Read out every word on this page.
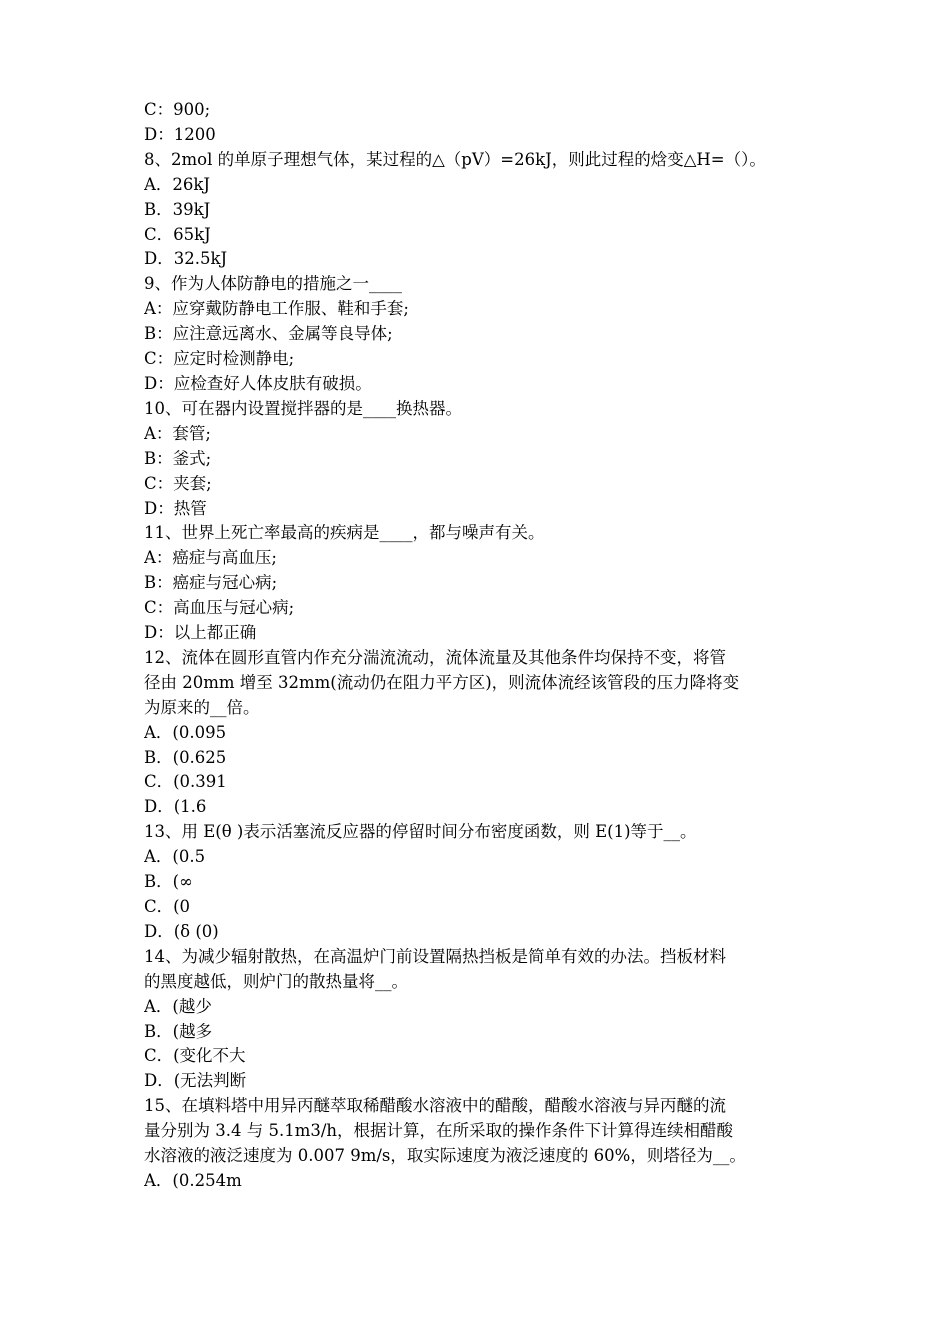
C：900;

D：1200

8、2mol 的单原子理想气体，某过程的△（pV）=26kJ，则此过程的焓变△H=（）。

A．26kJ

B．39kJ

C．65kJ

D．32.5kJ

9、作为人体防静电的措施之一____

A：应穿戴防静电工作服、鞋和手套;

B：应注意远离水、金属等良导体;

C：应定时检测静电;

D：应检查好人体皮肤有破损。

10、可在器内设置搅拌器的是____换热器。

A：套管;

B：釜式;

C：夹套;

D：热管

11、世界上死亡率最高的疾病是____，都与噪声有关。

A：癌症与高血压;

B：癌症与冠心病;

C：高血压与冠心病;

D：以上都正确

12、流体在圆形直管内作充分湍流流动，流体流量及其他条件均保持不变，将管

径由 20mm 增至 32mm(流动仍在阻力平方区)，则流体流经该管段的压力降将变

为原来的__倍。

A．(0.095

B．(0.625

C．(0.391

D．(1.6

13、用 E(θ )表示活塞流反应器的停留时间分布密度函数，则 E(1)等于__。

A．(0.5

B．(∞

C．(0

D．(δ (0)

14、为减少辐射散热，在高温炉门前设置隔热挡板是简单有效的办法。挡板材料

的黑度越低，则炉门的散热量将__。

A．(越少

B．(越多

C．(变化不大

D．(无法判断

15、在填料塔中用异丙醚萃取稀醋酸水溶液中的醋酸，醋酸水溶液与异丙醚的流

量分别为 3.4 与 5.1m3/h，根据计算，在所采取的操作条件下计算得连续相醋酸

水溶液的液泛速度为 0.007 9m/s，取实际速度为液泛速度的 60%，则塔径为__。

A．(0.254m
